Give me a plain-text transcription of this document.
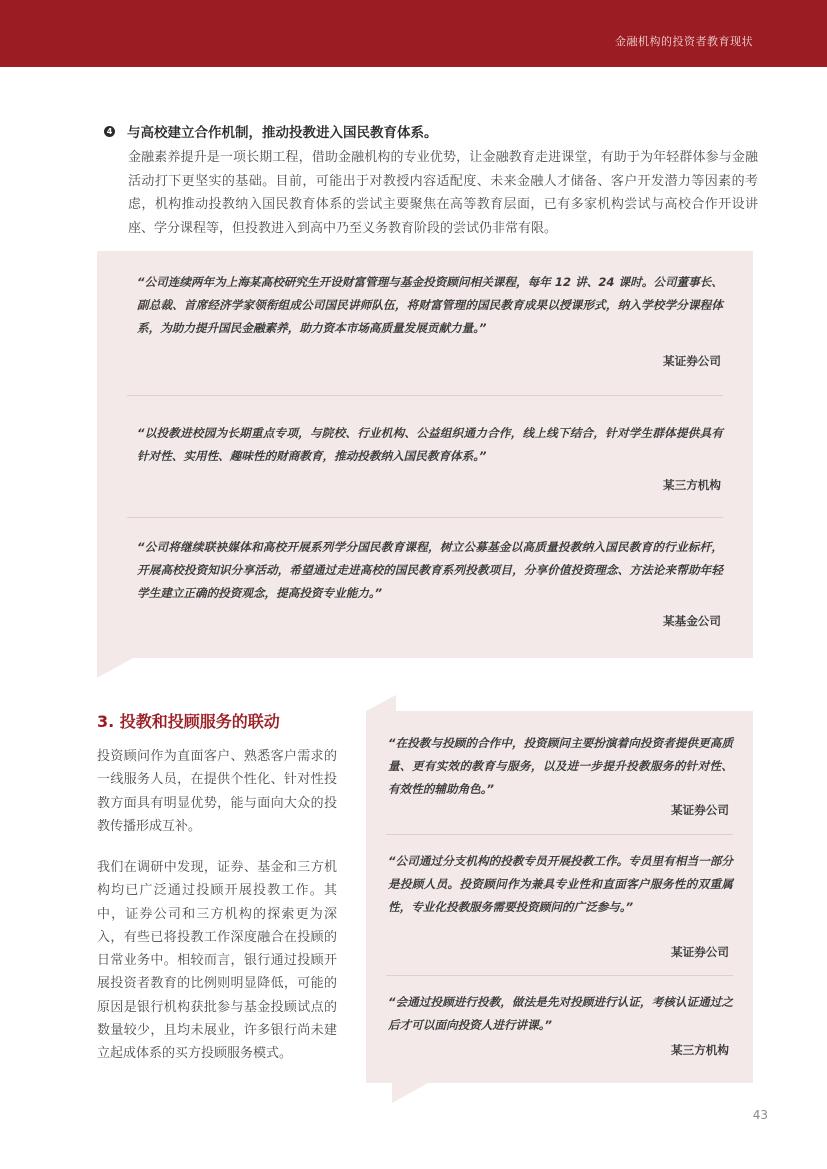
金融机构的投资者教育现状
4 与高校建立合作机制，推动投教进入国民教育体系。
金融素养提升是一项长期工程，借助金融机构的专业优势，让金融教育走进课堂，有助于为年轻群体参与金融活动打下更坚实的基础。目前，可能出于对教授内容适配度、未来金融人才储备、客户开发潜力等因素的考虑，机构推动投教纳入国民教育体系的尝试主要聚焦在高等教育层面，已有多家机构尝试与高校合作开设讲座、学分课程等，但投教进入到高中乃至义务教育阶段的尝试仍非常有限。
“公司连续两年为上海某高校研究生开设财富管理与基金投资顾问相关课程，每年 12 讲、24 课时。公司董事长、副总裁、首席经济学家领衔组成公司国民讲师队伍，将财富管理的国民教育成果以授课形式，纳入学校学分课程体系，为助力提升国民金融素养，助力资本市场高质量发展贡献力量。”
某证券公司
“以投教进校园为长期重点专项，与院校、行业机构、公益组织通力合作，线上线下结合，针对学生群体提供具有针对性、实用性、趣味性的财商教育，推动投教纳入国民教育体系。”
某三方机构
“公司将继续联袂媒体和高校开展系列学分国民教育课程，树立公募基金以高质量投教纳入国民教育的行业标杆，开展高校投资知识分享活动，希望通过走进高校的国民教育系列投教项目，分享价值投资理念、方法论来帮助年轻学生建立正确的投资观念，提高投资专业能力。”
某基金公司
3. 投教和投顾服务的联动
投资顾问作为直面客户、熟悉客户需求的一线服务人员，在提供个性化、针对性投教方面具有明显优势，能与面向大众的投教传播形成互补。
我们在调研中发现，证券、基金和三方机构均已广泛通过投顾开展投教工作。其中，证券公司和三方机构的探索更为深入，有些已将投教工作深度融合在投顾的日常业务中。相较而言，银行通过投顾开展投资者教育的比例则明显降低，可能的原因是银行机构获批参与基金投顾试点的数量较少，且均未展业，许多银行尚未建立起成体系的买方投顾服务模式。
“在投教与投顾的合作中，投资顾问主要扮演着向投资者提供更高质量、更有实效的教育与服务，以及进一步提升投教服务的针对性、有效性的辅助角色。”
某证券公司
“公司通过分支机构的投教专员开展投教工作。专员里有相当一部分是投顾人员。投资顾问作为兼具专业性和直面客户服务性的双重属性，专业化投教服务需要投资顾问的广泛参与。”
某证券公司
“会通过投顾进行投教，做法是先对投顾进行认证，考核认证通过之后才可以面向投资人进行讲课。”
某三方机构
43
